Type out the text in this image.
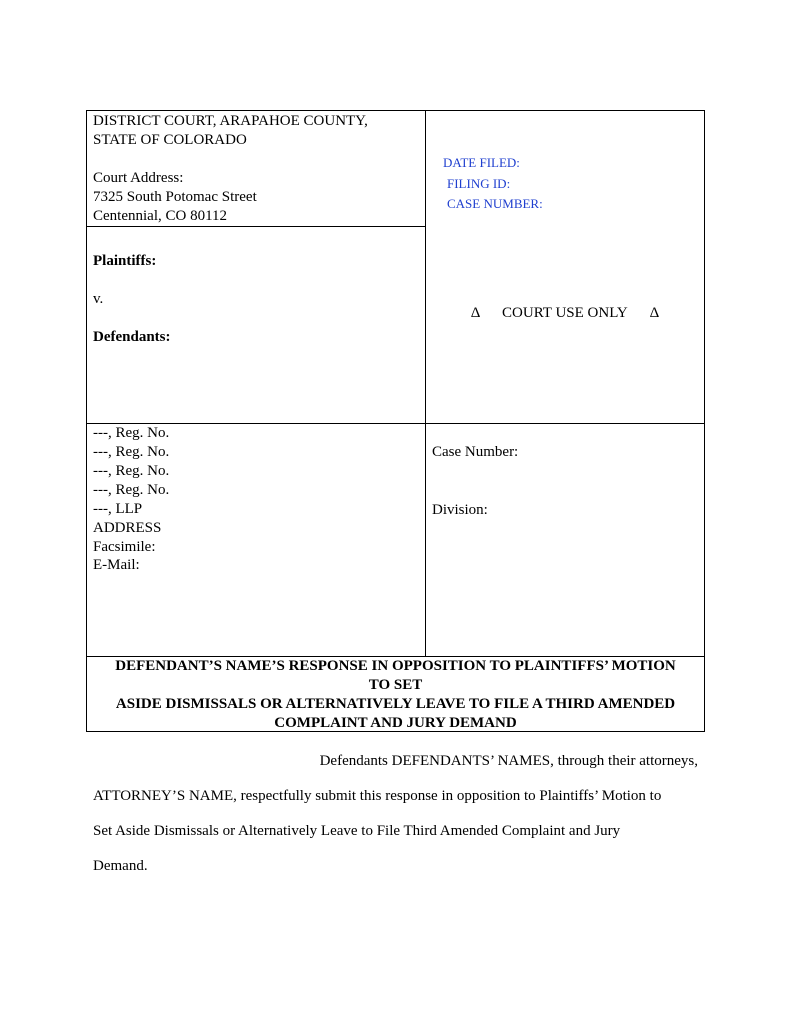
DISTRICT COURT, ARAPAHOE COUNTY,
STATE OF COLORADO
Court Address:
7325 South Potomac Street
Centennial, CO 80112
DATE FILED:
FILING ID:
CASE NUMBER:
Plaintiffs:
v.
Defendants:
Δ COURT USE ONLY Δ
---, Reg. No.
---, Reg. No.
---, Reg. No.
---, Reg. No.
---, LLP
ADDRESS
Facsimile:
E-Mail:
Case Number:
Division:
DEFENDANT’S NAME’S RESPONSE IN OPPOSITION TO PLAINTIFFS’ MOTION
TO SET
ASIDE DISMISSALS OR ALTERNATIVELY LEAVE TO FILE A THIRD AMENDED
COMPLAINT AND JURY DEMAND
Defendants DEFENDANTS’ NAMES, through their attorneys,
ATTORNEY’S NAME, respectfully submit this response in opposition to Plaintiffs’ Motion to
Set Aside Dismissals or Alternatively Leave to File Third Amended Complaint and Jury
Demand.
